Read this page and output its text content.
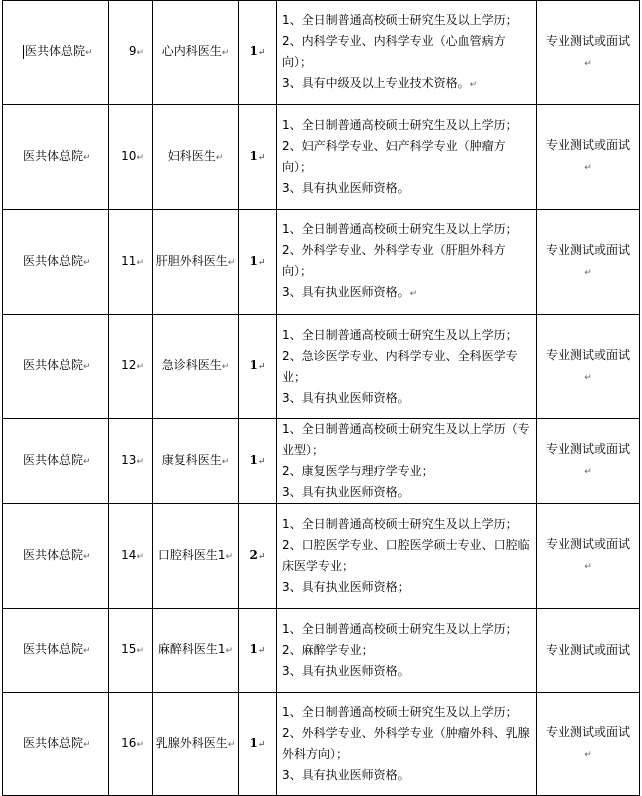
医共体总院↵	9↵	心内科医生↵	1↵	1、全日制普通高校硕士研究生及以上学历；
2、内科学专业、内科学专业（心血管病方向）；
3、具有中级及以上专业技术资格。↵	专业测试或面试↵
医共体总院↵	10↵	妇科医生↵	1↵	1、全日制普通高校硕士研究生及以上学历；
2、妇产科学专业、妇产科学专业（肿瘤方向）；
3、具有执业医师资格。	专业测试或面试↵
医共体总院↵	11↵	肝胆外科医生↵	1↵	1、全日制普通高校硕士研究生及以上学历；
2、外科学专业、外科学专业（肝胆外科方向）；
3、具有执业医师资格。↵	专业测试或面试↵
医共体总院↵	12↵	急诊科医生↵	1↵	1、全日制普通高校硕士研究生及以上学历；
2、急诊医学专业、内科学专业、全科医学专业；
3、具有执业医师资格。	专业测试或面试↵
医共体总院↵	13↵	康复科医生↵	1↵	1、全日制普通高校硕士研究生及以上学历（专业型）；
2、康复医学与理疗学专业；
3、具有执业医师资格。	专业测试或面试↵
医共体总院↵	14↵	口腔科医生1↵	2↵	1、全日制普通高校硕士研究生及以上学历； 2、口腔医学专业、口腔医学硕士专业、口腔临床医学专业；
3、具有执业医师资格；	专业测试或面试↵
医共体总院↵	15↵	麻醉科医生1↵	1↵	1、全日制普通高校硕士研究生及以上学历；
2、麻醉学专业；
3、具有执业医师资格。	专业测试或面试
医共体总院↵	16↵	乳腺外科医生↵	1↵	1、全日制普通高校硕士研究生及以上学历；
2、外科学专业、外科学专业（肿瘤外科、乳腺外科方向）；
3、具有执业医师资格。	专业测试或面试↵
